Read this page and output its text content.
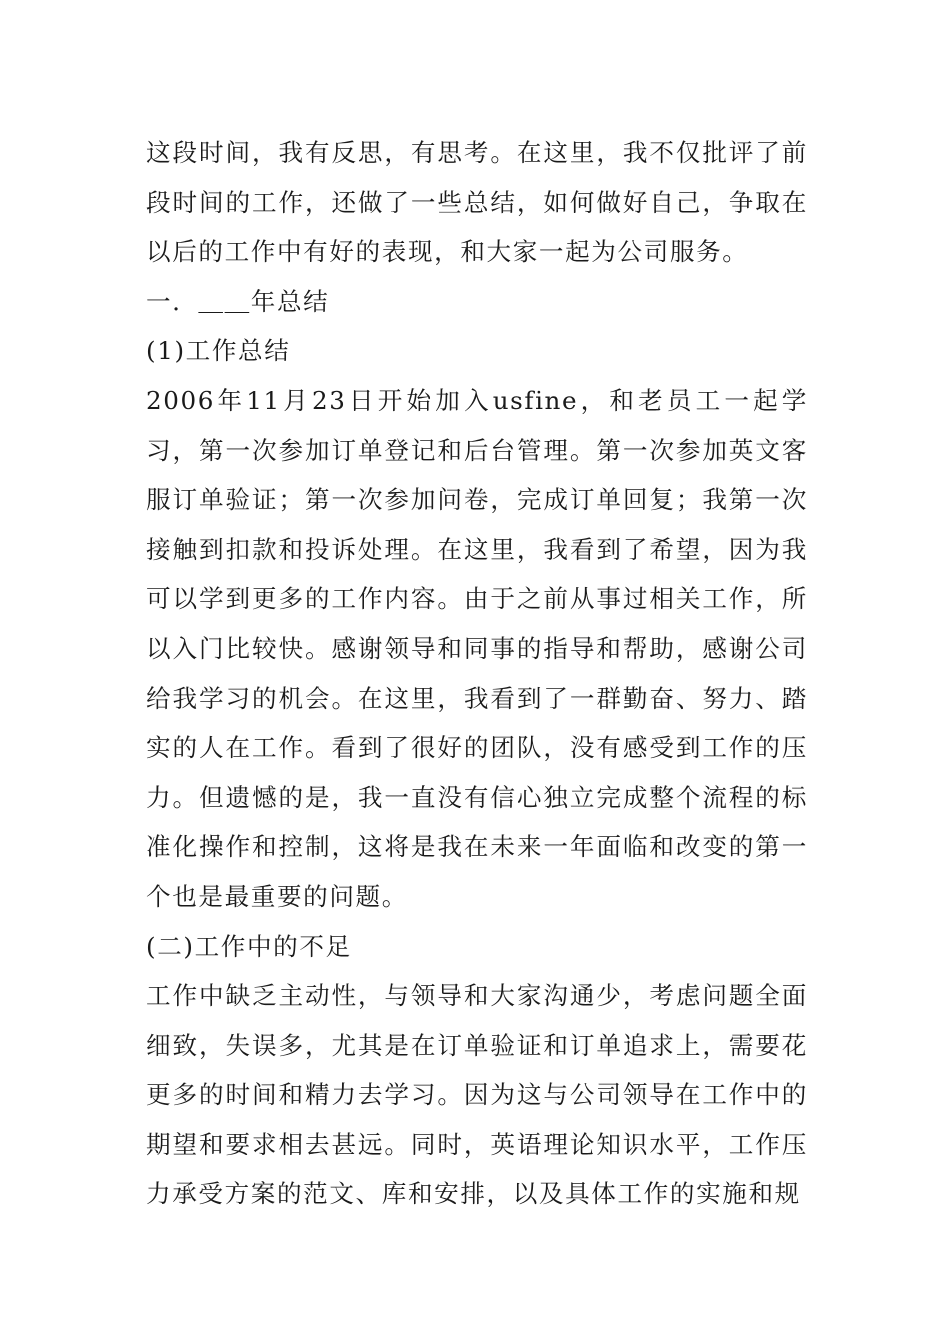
这段时间，我有反思，有思考。在这里，我不仅批评了前段时间的工作，还做了一些总结，如何做好自己，争取在以后的工作中有好的表现，和大家一起为公司服务。

一．＿＿年总结

(1)工作总结

2006年11月23日开始加入usfine，和老员工一起学习，第一次参加订单登记和后台管理。第一次参加英文客服订单验证；第一次参加问卷，完成订单回复；我第一次接触到扣款和投诉处理。在这里，我看到了希望，因为我可以学到更多的工作内容。由于之前从事过相关工作，所以入门比较快。感谢领导和同事的指导和帮助，感谢公司给我学习的机会。在这里，我看到了一群勤奋、努力、踏实的人在工作。看到了很好的团队，没有感受到工作的压力。但遗憾的是，我一直没有信心独立完成整个流程的标准化操作和控制，这将是我在未来一年面临和改变的第一个也是最重要的问题。

(二)工作中的不足

工作中缺乏主动性，与领导和大家沟通少，考虑问题全面细致，失误多，尤其是在订单验证和订单追求上，需要花更多的时间和精力去学习。因为这与公司领导在工作中的期望和要求相去甚远。同时，英语理论知识水平，工作压力承受方案的范文、库和安排，以及具体工作的实施和规
